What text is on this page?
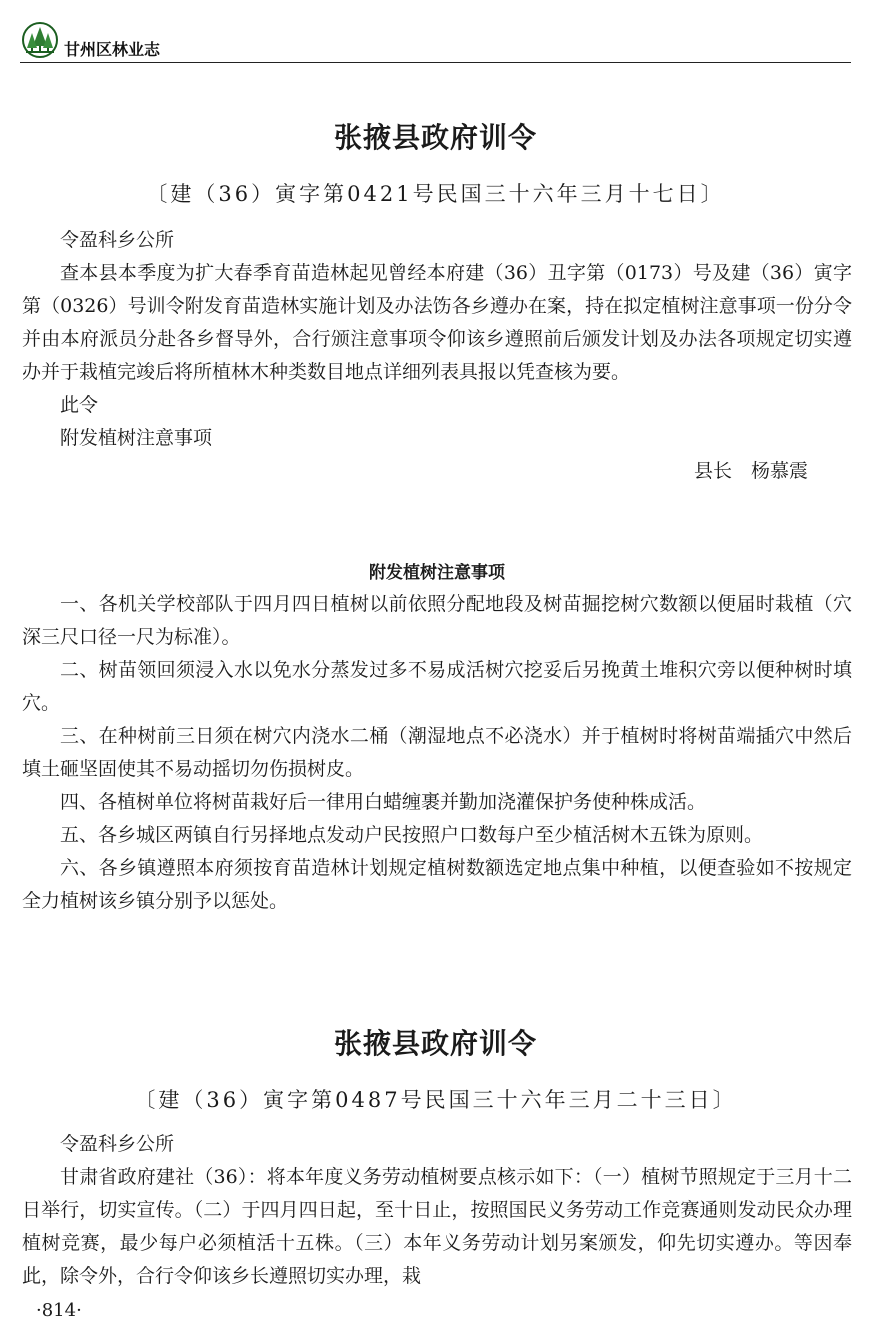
甘州区林业志
张掖县政府训令
〔建（36）寅字第0421号民国三十六年三月十七日〕

令盈科乡公所

查本县本季度为扩大春季育苗造林起见曾经本府建（36）丑字第（0173）号及建（36）寅字第（0326）号训令附发育苗造林实施计划及办法饬各乡遵办在案，持在拟定植树注意事项一份分令并由本府派员分赴各乡督导外，合行颁注意事项令仰该乡遵照前后颁发计划及办法各项规定切实遵办并于栽植完竣后将所植林木种类数目地点详细列表具报以凭查核为要。

此令

附发植树注意事项

县长　杨慕震

附发植树注意事项

一、各机关学校部队于四月四日植树以前依照分配地段及树苗掘挖树穴数额以便届时栽植（穴深三尺口径一尺为标准）。

二、树苗领回须浸入水以免水分蒸发过多不易成活树穴挖妥后另挽黄土堆积穴旁以便种树时填穴。

三、在种树前三日须在树穴内浇水二桶（潮湿地点不必浇水）并于植树时将树苗端插穴中然后填土砸坚固使其不易动摇切勿伤损树皮。

四、各植树单位将树苗栽好后一律用白蜡缠裹并勤加浇灌保护务使种株成活。

五、各乡城区两镇自行另择地点发动户民按照户口数每户至少植活树木五铢为原则。

六、各乡镇遵照本府须按育苗造林计划规定植树数额选定地点集中种植，以便查验如不按规定全力植树该乡镇分别予以惩处。

张掖县政府训令
〔建（36）寅字第0487号民国三十六年三月二十三日〕

令盈科乡公所

甘肃省政府建社（36）：将本年度义务劳动植树要点核示如下：（一）植树节照规定于三月十二日举行，切实宣传。（二）于四月四日起，至十日止，按照国民义务劳动工作竞赛通则发动民众办理植树竞赛，最少每户必须植活十五株。（三）本年义务劳动计划另案颁发，仰先切实遵办。等因奉此，除令外，合行令仰该乡长遵照切实办理，栽

·814·
